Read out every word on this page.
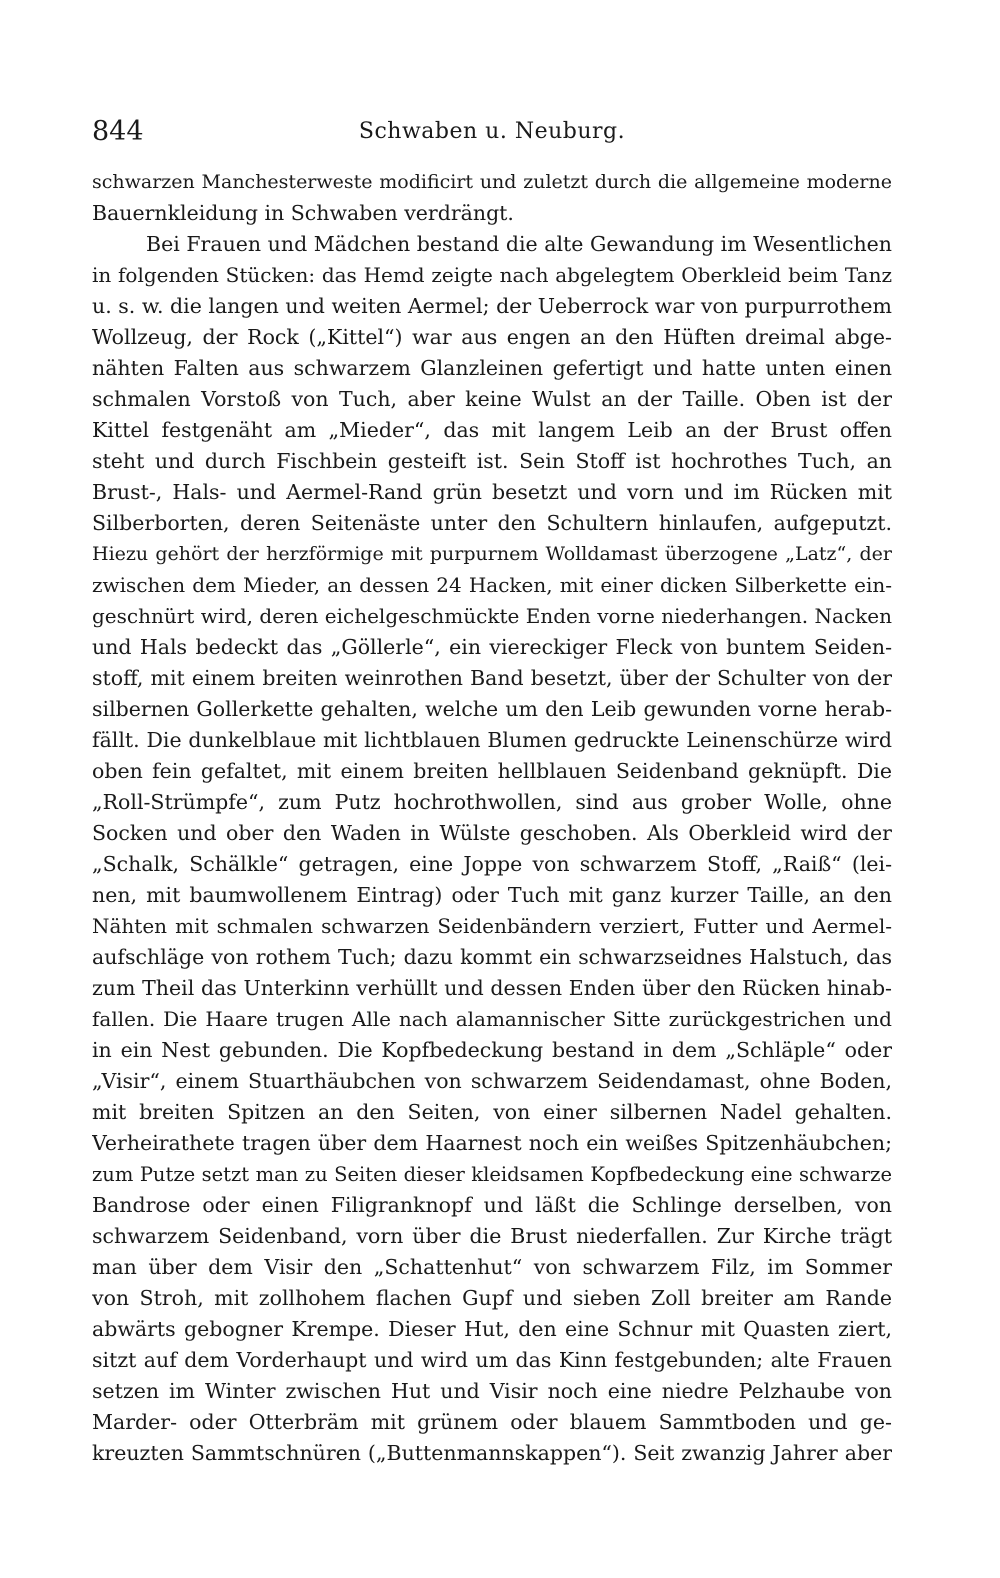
844	Schwaben u. Neuburg.
schwarzen Manchesterweste modificirt und zuletzt durch die allgemeine moderne
Bauernkleidung in Schwaben verdrängt.
Bei Frauen und Mädchen bestand die alte Gewandung im Wesentlichen
in folgenden Stücken: das Hemd zeigte nach abgelegtem Oberkleid beim Tanz
u. s. w. die langen und weiten Aermel; der Ueberrock war von purpurrothem
Wollzeug, der Rock („Kittel“) war aus engen an den Hüften dreimal abge-
nähten Falten aus schwarzem Glanzleinen gefertigt und hatte unten einen
schmalen Vorstoß von Tuch, aber keine Wulst an der Taille. Oben ist der
Kittel festgenäht am „Mieder“, das mit langem Leib an der Brust offen
steht und durch Fischbein gesteift ist. Sein Stoff ist hochrothes Tuch, an
Brust-, Hals- und Aermel-Rand grün besetzt und vorn und im Rücken mit
Silberborten, deren Seitenäste unter den Schultern hinlaufen, aufgeputzt.
Hiezu gehört der herzförmige mit purpurnem Wolldamast überzogene „Latz“, der
zwischen dem Mieder, an dessen 24 Hacken, mit einer dicken Silberkette ein-
geschnürt wird, deren eichelgeschmückte Enden vorne niederhangen. Nacken
und Hals bedeckt das „Göllerle“, ein viereckiger Fleck von buntem Seiden-
stoff, mit einem breiten weinrothen Band besetzt, über der Schulter von der
silbernen Gollerkette gehalten, welche um den Leib gewunden vorne herab-
fällt. Die dunkelblaue mit lichtblauen Blumen gedruckte Leinenschürze wird
oben fein gefaltet, mit einem breiten hellblauen Seidenband geknüpft. Die
„Roll-Strümpfe“, zum Putz hochrothwollen, sind aus grober Wolle, ohne
Socken und ober den Waden in Wülste geschoben. Als Oberkleid wird der
„Schalk, Schälkle“ getragen, eine Joppe von schwarzem Stoff, „Raiß“ (lei-
nen, mit baumwollenem Eintrag) oder Tuch mit ganz kurzer Taille, an den
Nähten mit schmalen schwarzen Seidenbändern verziert, Futter und Aermel-
aufschläge von rothem Tuch; dazu kommt ein schwarzseidnes Halstuch, das
zum Theil das Unterkinn verhüllt und dessen Enden über den Rücken hinab-
fallen. Die Haare trugen Alle nach alamannischer Sitte zurückgestrichen und
in ein Nest gebunden. Die Kopfbedeckung bestand in dem „Schläple“ oder
„Visir“, einem Stuarthäubchen von schwarzem Seidendamast, ohne Boden,
mit breiten Spitzen an den Seiten, von einer silbernen Nadel gehalten.
Verheirathete tragen über dem Haarnest noch ein weißes Spitzenhäubchen;
zum Putze setzt man zu Seiten dieser kleidsamen Kopfbedeckung eine schwarze
Bandrose oder einen Filigranknopf und läßt die Schlinge derselben, von
schwarzem Seidenband, vorn über die Brust niederfallen. Zur Kirche trägt
man über dem Visir den „Schattenhut“ von schwarzem Filz, im Sommer
von Stroh, mit zollhohem flachen Gupf und sieben Zoll breiter am Rande
abwärts gebogner Krempe. Dieser Hut, den eine Schnur mit Quasten ziert,
sitzt auf dem Vorderhaupt und wird um das Kinn festgebunden; alte Frauen
setzen im Winter zwischen Hut und Visir noch eine niedre Pelzhaube von
Marder- oder Otterbräm mit grünem oder blauem Sammtboden und ge-
kreuzten Sammtschnüren („Buttenmannskappen“). Seit zwanzig Jahrer aber
